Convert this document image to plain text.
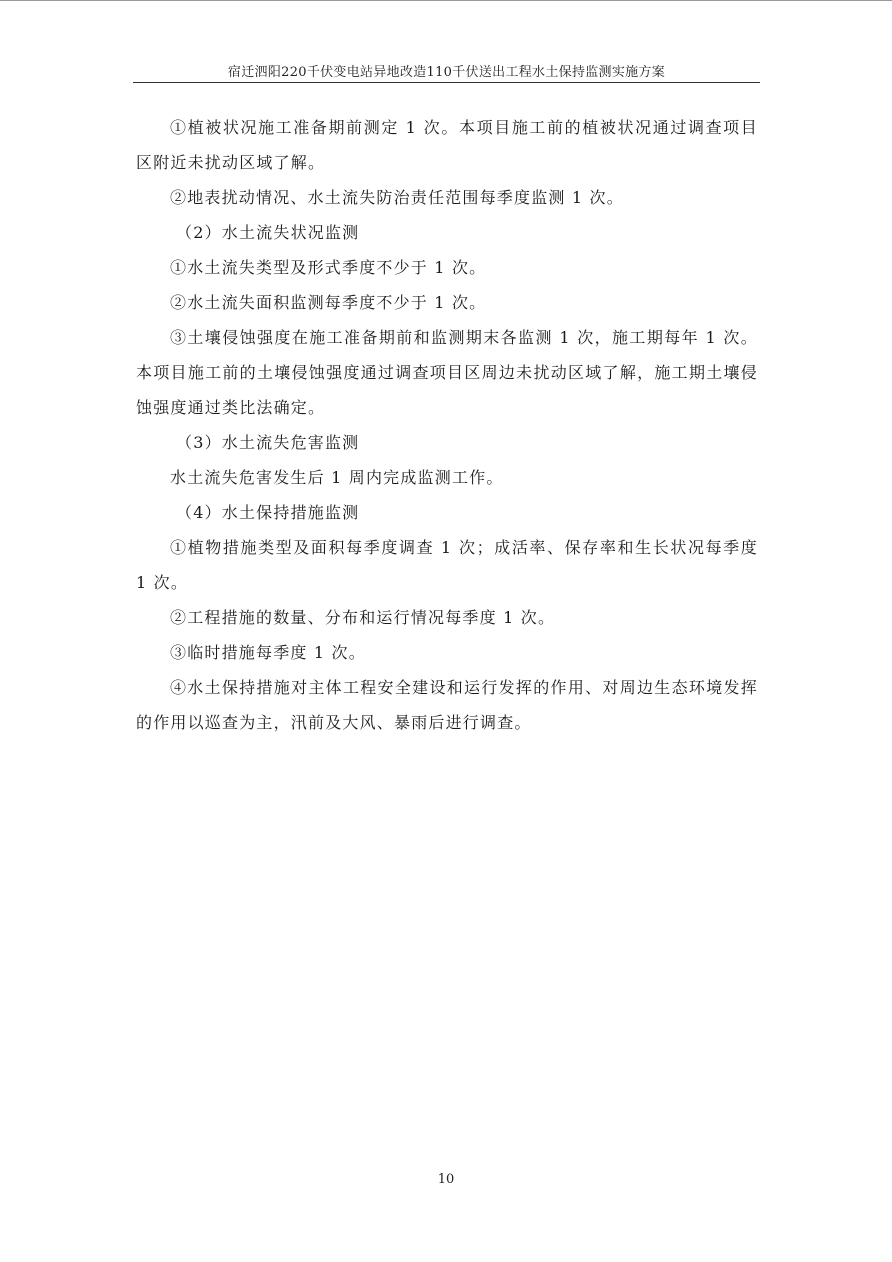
宿迁泗阳220千伏变电站异地改造110千伏送出工程水土保持监测实施方案

①植被状况施工准备期前测定 1 次。本项目施工前的植被状况通过调查项目区附近未扰动区域了解。

②地表扰动情况、水土流失防治责任范围每季度监测 1 次。

（2）水土流失状况监测

①水土流失类型及形式季度不少于 1 次。

②水土流失面积监测每季度不少于 1 次。

③土壤侵蚀强度在施工准备期前和监测期末各监测 1 次，施工期每年 1 次。本项目施工前的土壤侵蚀强度通过调查项目区周边未扰动区域了解，施工期土壤侵蚀强度通过类比法确定。

（3）水土流失危害监测

水土流失危害发生后 1 周内完成监测工作。

（4）水土保持措施监测

①植物措施类型及面积每季度调查 1 次；成活率、保存率和生长状况每季度 1 次。

②工程措施的数量、分布和运行情况每季度 1 次。

③临时措施每季度 1 次。

④水土保持措施对主体工程安全建设和运行发挥的作用、对周边生态环境发挥的作用以巡查为主，汛前及大风、暴雨后进行调查。

10
